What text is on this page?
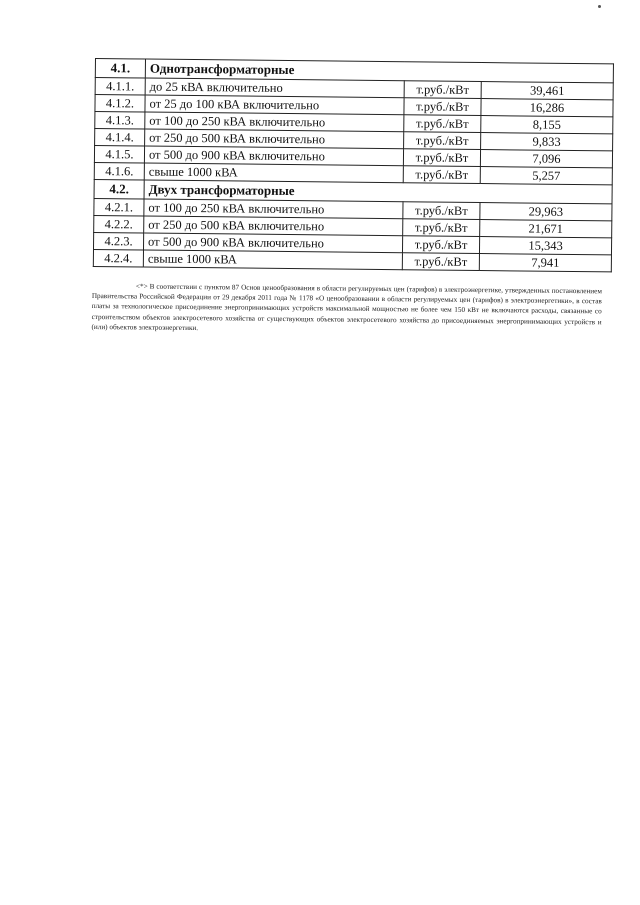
4.1.	Однотрансформаторные		
4.1.1.	до 25 кВА включительно	т.руб./кВт	39,461
4.1.2.	от 25 до 100 кВА включительно	т.руб./кВт	16,286
4.1.3.	от 100 до 250 кВА включительно	т.руб./кВт	8,155
4.1.4.	от 250 до 500 кВА включительно	т.руб./кВт	9,833
4.1.5.	от 500 до 900 кВА включительно	т.руб./кВт	7,096
4.1.6.	свыше 1000 кВА	т.руб./кВт	5,257
4.2.	Двух трансформаторные		
4.2.1.	от 100 до 250 кВА включительно	т.руб./кВт	29,963
4.2.2.	от 250 до 500 кВА включительно	т.руб./кВт	21,671
4.2.3.	от 500 до 900 кВА включительно	т.руб./кВт	15,343
4.2.4.	свыше 1000 кВА	т.руб./кВт	7,941

<*> В соответствии с пунктом 87 Основ ценообразования в области регулируемых цен (тарифов) в электроэнергетике, утвержденных постановлением Правительства Российской Федерации от 29 декабря 2011 года № 1178 «О ценообразовании в области регулируемых цен (тарифов) в электроэнергетики», в состав платы за технологическое присоединение энергопринимающих устройств максимальной мощностью не более чем 150 кВт не включаются расходы, связанные со строительством объектов электросетевого хозяйства от существующих объектов электросетевого хозяйства до присоединяемых энергопринимающих устройств и (или) объектов электроэнергетики.
